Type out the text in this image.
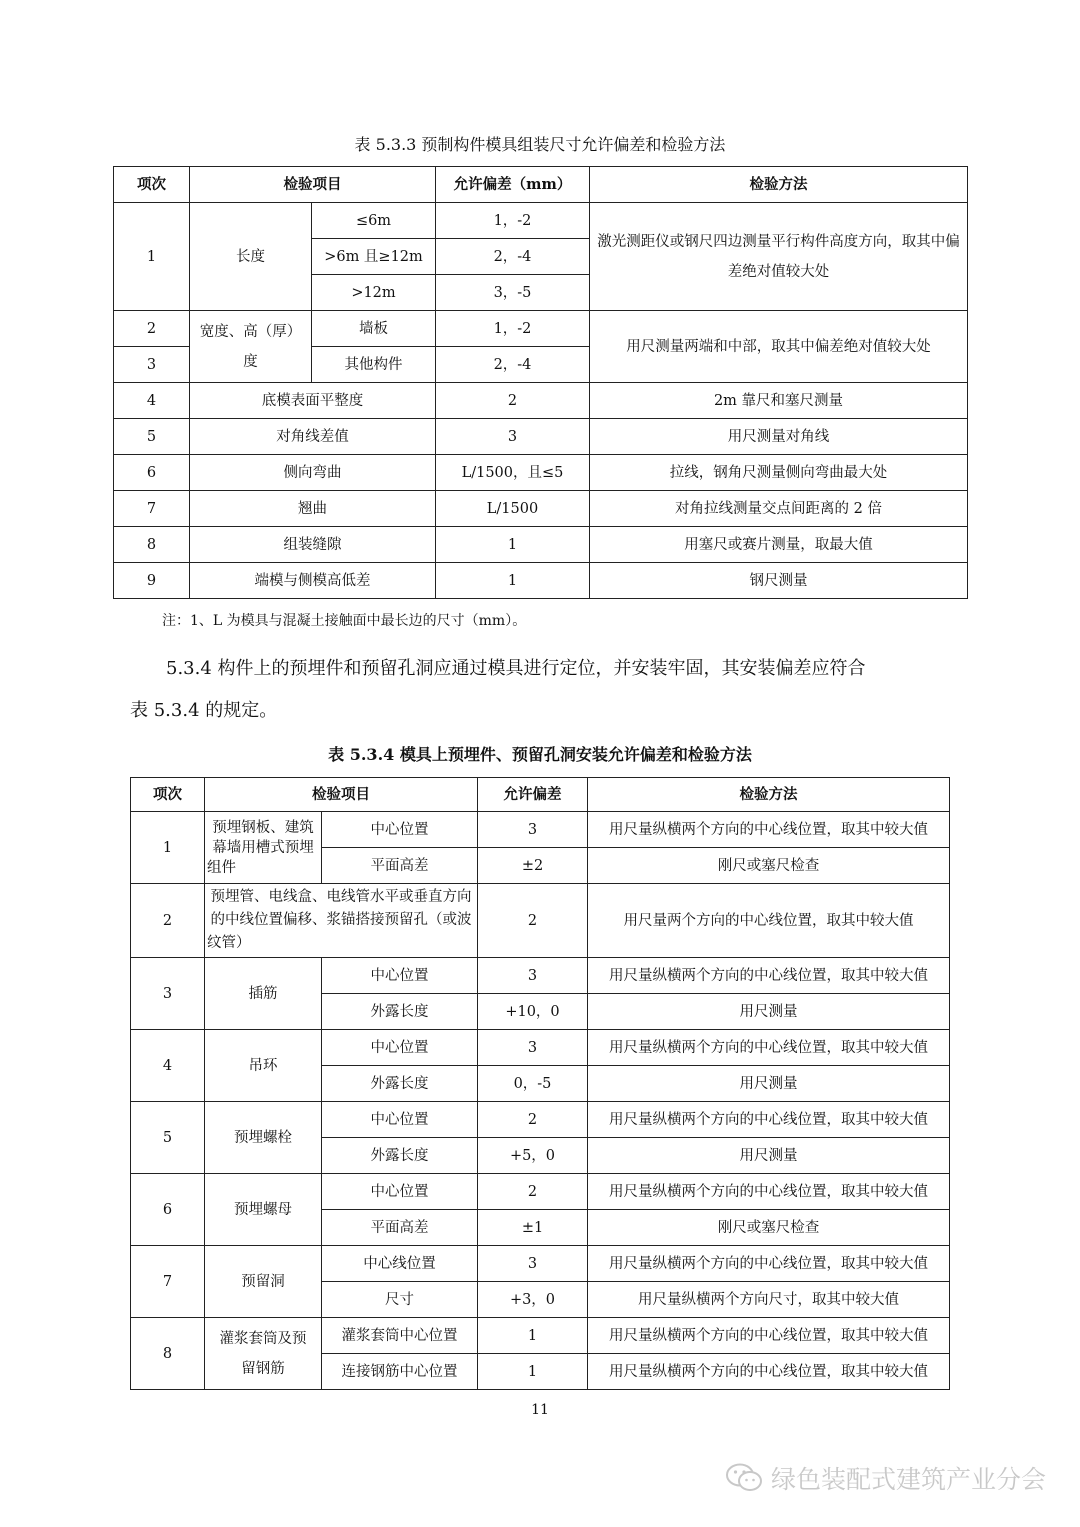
表 5.3.3 预制构件模具组装尺寸允许偏差和检验方法
项次	检验项目		允许偏差（mm）	检验方法
1	长度	≤6m	1，-2	激光测距仪或钢尺四边测量平行构件高度方向，取其中偏差绝对值较大处
		>6m 且≥12m	2，-4	
		>12m	3，-5	
2	宽度、高（厚）度	墙板	1，-2	用尺测量两端和中部，取其中偏差绝对值较大处
3		其他构件	2，-4	
4	底模表面平整度		2	2m 靠尺和塞尺测量
5	对角线差值		3	用尺测量对角线
6	侧向弯曲		L/1500，且≤5	拉线，钢角尺测量侧向弯曲最大处
7	翘曲		L/1500	对角拉线测量交点间距离的 2 倍
8	组装缝隙		1	用塞尺或赛片测量，取最大值
9	端模与侧模高低差		1	钢尺测量
注：1、L 为模具与混凝土接触面中最长边的尺寸（mm）。
5.3.4 构件上的预埋件和预留孔洞应通过模具进行定位，并安装牢固，其安装偏差应符合
表 5.3.4 的规定。
表 5.3.4 模具上预埋件、预留孔洞安装允许偏差和检验方法
项次	检验项目		允许偏差	检验方法
1	预埋钢板、建筑幕墙用槽式预埋组件	中心位置	3	用尺量纵横两个方向的中心线位置，取其中较大值
		平面高差	±2	刚尺或塞尺检查
2	预埋管、电线盒、电线管水平或垂直方向的中线位置偏移、浆锚搭接预留孔（或波纹管）		2	用尺量两个方向的中心线位置，取其中较大值
3	插筋	中心位置	3	用尺量纵横两个方向的中心线位置，取其中较大值
		外露长度	+10，0	用尺测量
4	吊环	中心位置	3	用尺量纵横两个方向的中心线位置，取其中较大值
		外露长度	0，-5	用尺测量
5	预埋螺栓	中心位置	2	用尺量纵横两个方向的中心线位置，取其中较大值
		外露长度	+5，0	用尺测量
6	预埋螺母	中心位置	2	用尺量纵横两个方向的中心线位置，取其中较大值
		平面高差	±1	刚尺或塞尺检查
7	预留洞	中心线位置	3	用尺量纵横两个方向的中心线位置，取其中较大值
		尺寸	+3，0	用尺量纵横两个方向尺寸，取其中较大值
8	灌浆套筒及预留钢筋	灌浆套筒中心位置	1	用尺量纵横两个方向的中心线位置，取其中较大值
		连接钢筋中心位置	1	用尺量纵横两个方向的中心线位置，取其中较大值
11
绿色装配式建筑产业分会
